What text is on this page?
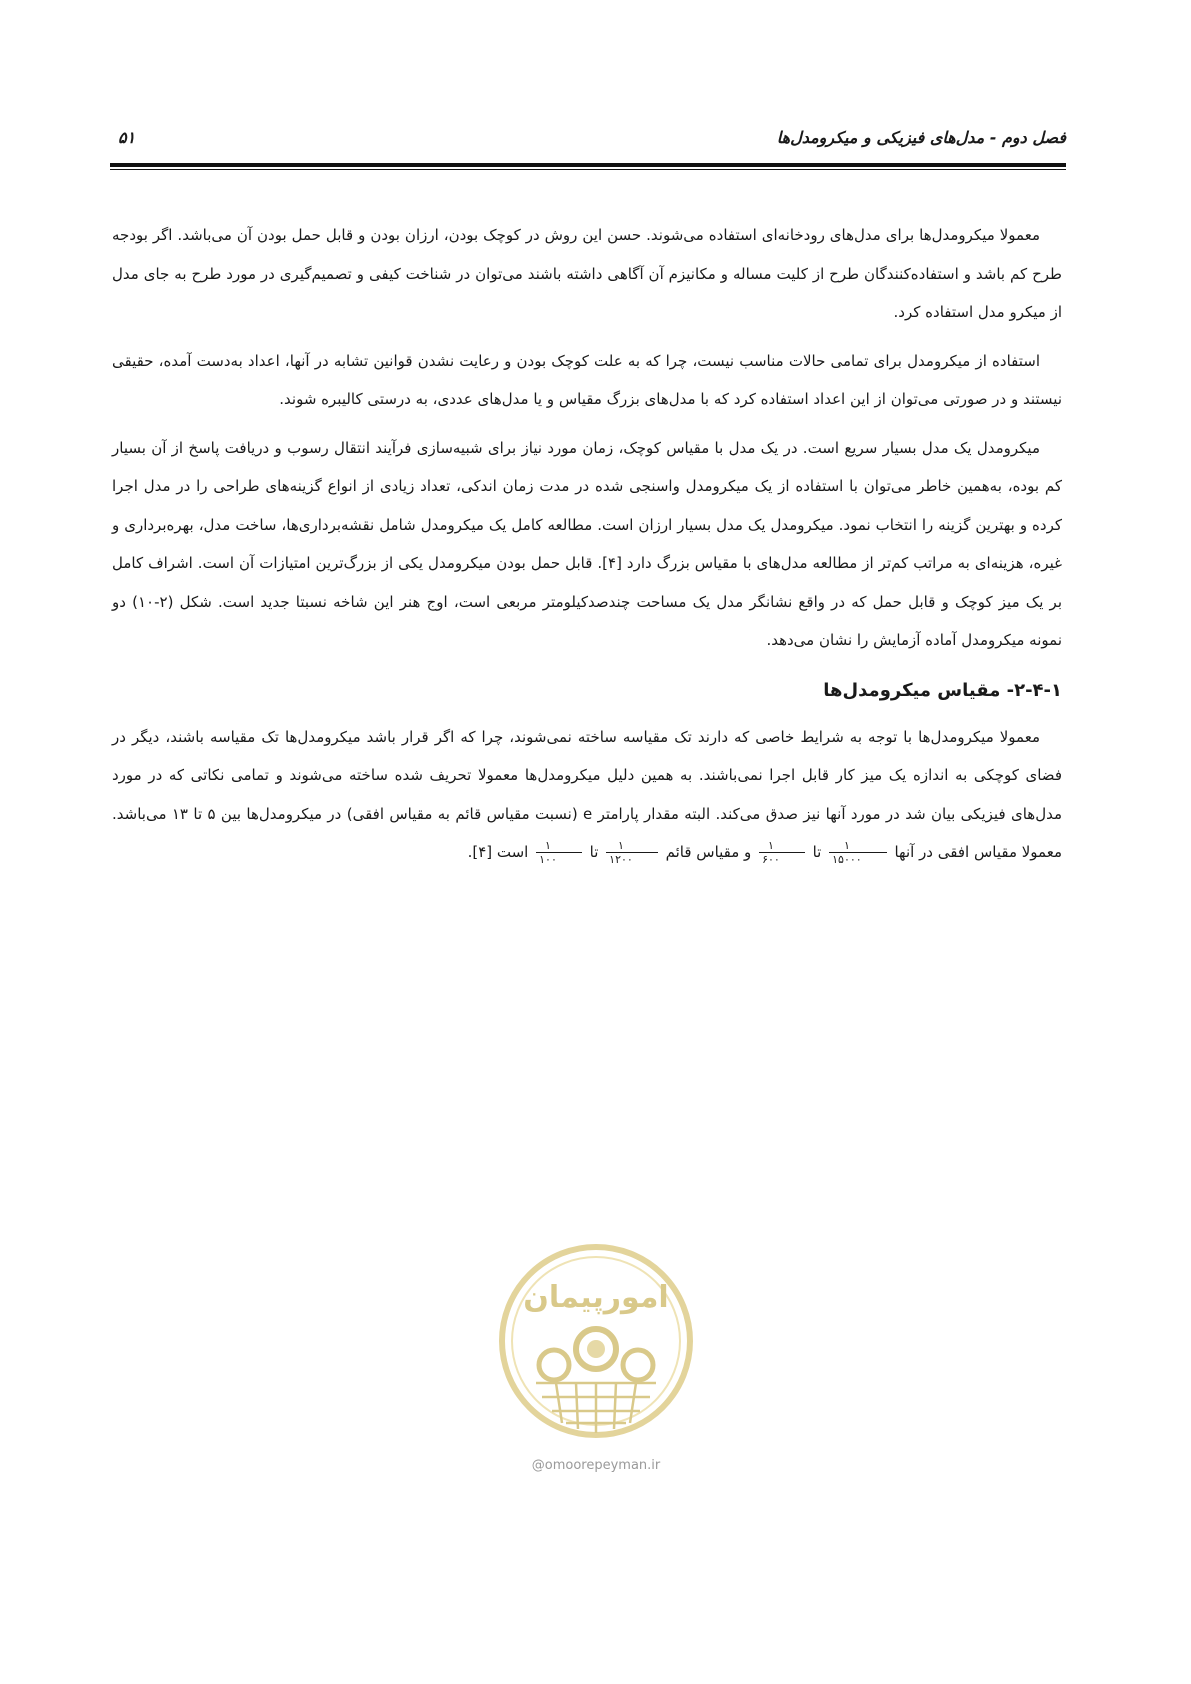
فصل دوم - مدل‌های فیزیکی و میکرومدل‌ها
۵۱

معمولا میکرومدل‌ها برای مدل‌های رودخانه‌ای استفاده می‌شوند. حسن این روش در کوچک بودن، ارزان بودن و قابل حمل بودن آن می‌باشد. اگر بودجه طرح کم باشد و استفاده‌کنندگان طرح از کلیت مساله و مکانیزم آن آگاهی داشته باشند می‌توان در شناخت کیفی و تصمیم‌گیری در مورد طرح به جای مدل از میکرو مدل استفاده کرد.

استفاده از میکرومدل برای تمامی حالات مناسب نیست، چرا که به علت کوچک بودن و رعایت نشدن قوانین تشابه در آنها، اعداد به‌دست آمده، حقیقی نیستند و در صورتی می‌توان از این اعداد استفاده کرد که با مدل‌های بزرگ مقیاس و یا مدل‌های عددی، به درستی کالیبره شوند.

میکرومدل یک مدل بسیار سریع است. در یک مدل با مقیاس کوچک، زمان مورد نیاز برای شبیه‌سازی فرآیند انتقال رسوب و دریافت پاسخ از آن بسیار کم بوده، به‌همین خاطر می‌توان با استفاده از یک میکرومدل واسنجی شده در مدت زمان اندکی، تعداد زیادی از انواع گزینه‌های طراحی را در مدل اجرا کرده و بهترین گزینه را انتخاب نمود. میکرومدل یک مدل بسیار ارزان است. مطالعه کامل یک میکرومدل شامل نقشه‌برداری‌ها، ساخت مدل، بهره‌برداری و غیره، هزینه‌ای به مراتب کم‌تر از مطالعه مدل‌های با مقیاس بزرگ دارد [۴]. قابل حمل بودن میکرومدل یکی از بزرگ‌ترین امتیازات آن است. اشراف کامل بر یک میز کوچک و قابل حمل که در واقع نشانگر مدل یک مساحت چندصدکیلومتر مربعی است، اوج هنر این شاخه نسبتا جدید است. شکل (۲-۱۰) دو نمونه میکرومدل آماده آزمایش را نشان می‌دهد.

۲-۴-۱- مقیاس میکرومدل‌ها

معمولا میکرومدل‌ها با توجه به شرایط خاصی که دارند تک مقیاسه ساخته نمی‌شوند، چرا که اگر قرار باشد میکرومدل‌ها تک مقیاسه باشند، دیگر در فضای کوچکی به اندازه یک میز کار قابل اجرا نمی‌باشند. به همین دلیل میکرومدل‌ها معمولا تحریف شده ساخته می‌شوند و تمامی نکاتی که در مورد مدل‌های فیزیکی بیان شد در مورد آنها نیز صدق می‌کند. البته مقدار پارامتر e (نسبت مقیاس قائم به مقیاس افقی) در میکرومدل‌ها بین ۵ تا ۱۳ می‌باشد. معمولا مقیاس افقی در آنها
$\frac{۱}{۱۵۰۰۰}$
تا
$\frac{۱}{۶۰۰}$
و مقیاس قائم
$\frac{۱}{۱۲۰۰}$
تا
$\frac{۱}{۱۰۰}$
است [۴].

امورپیمان
@omoorepeyman.ir
